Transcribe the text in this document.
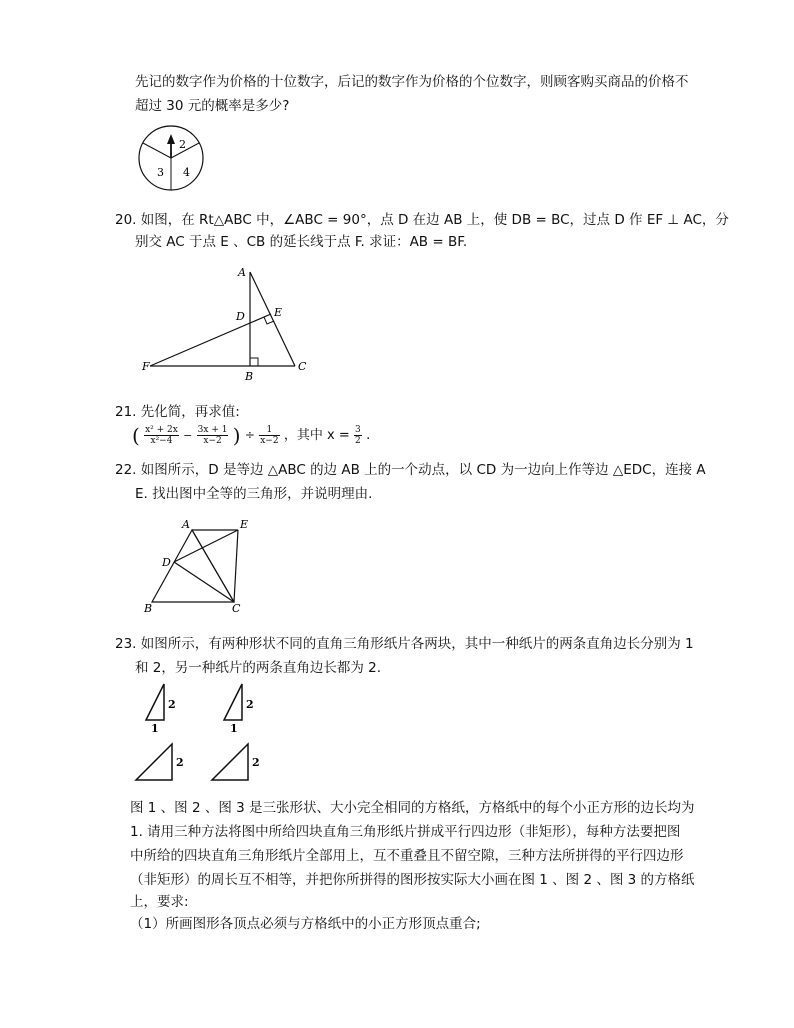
先记的数字作为价格的十位数字，后记的数字作为价格的个位数字，则顾客购买商品的价格不
超过 30 元的概率是多少?
2
3 4
20. 如图，在 Rt△ABC 中，∠ABC = 90°，点 D 在边 AB 上，使 DB = BC，过点 D 作 EF ⊥ AC，分
别交 AC 于点 E 、CB 的延长线于点 F. 求证：AB = BF.
A
D	E
F
B
C
21. 先化简，再求值:
( $\frac{\text{x² + 2x}}{\text{x²−4}} - \frac{3x + 1}{x-2}$ ) ÷ $\frac{1}{x-2}$ ，其中 $x = \frac{3}{2}$ .
22. 如图所示，D 是等边 △ABC 的边 AB 上的一个动点，以 CD 为一边向上作等边 △EDC，连接 A
E. 找出图中全等的三角形，并说明理由.
A	E
D
B	C
23. 如图所示，有两种形状不同的直角三角形纸片各两块，其中一种纸片的两条直角边长分别为 1
和 2，另一种纸片的两条直角边长都为 2.
2
1
2
1
2	2
图 1 、图 2 、图 3 是三张形状、大小完全相同的方格纸，方格纸中的每个小正方形的边长均为
1. 请用三种方法将图中所给四块直角三角形纸片拼成平行四边形（非矩形），每种方法要把图
中所给的四块直角三角形纸片全部用上，互不重叠且不留空隙，三种方法所拼得的平行四边形
（非矩形）的周长互不相等，并把你所拼得的图形按实际大小画在图 1 、图 2 、图 3 的方格纸
上，要求:
（1）所画图形各顶点必须与方格纸中的小正方形顶点重合;
